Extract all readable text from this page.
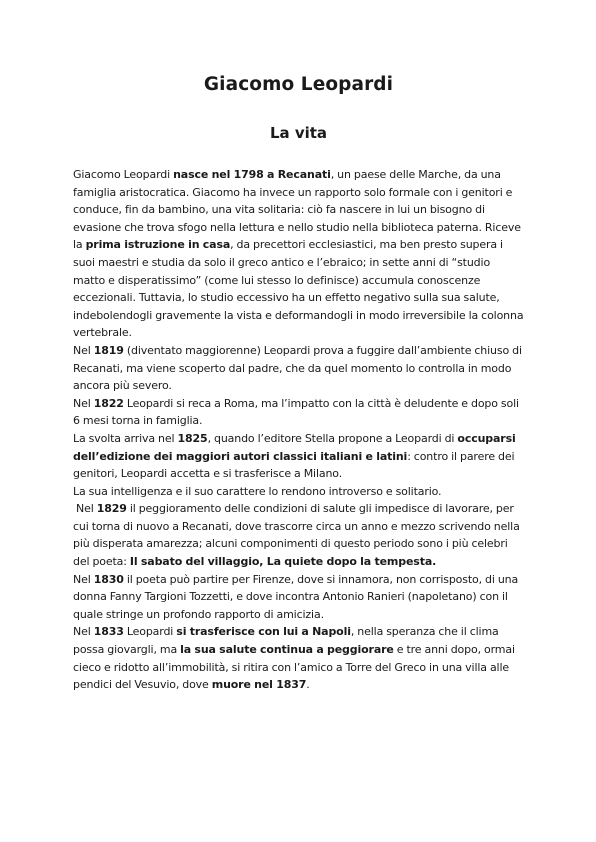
Giacomo Leopardi
La vita

Giacomo Leopardi nasce nel 1798 a Recanati, un paese delle Marche, da una famiglia aristocratica. Giacomo ha invece un rapporto solo formale con i genitori e conduce, fin da bambino, una vita solitaria: ciò fa nascere in lui un bisogno di evasione che trova sfogo nella lettura e nello studio nella biblioteca paterna. Riceve la prima istruzione in casa, da precettori ecclesiastici, ma ben presto supera i suoi maestri e studia da solo il greco antico e l’ebraico; in sette anni di “studio matto e disperatissimo” (come lui stesso lo definisce) accumula conoscenze eccezionali. Tuttavia, lo studio eccessivo ha un effetto negativo sulla sua salute, indebolendogli gravemente la vista e deformandogli in modo irreversibile la colonna vertebrale.

Nel 1819 (diventato maggiorenne) Leopardi prova a fuggire dall’ambiente chiuso di Recanati, ma viene scoperto dal padre, che da quel momento lo controlla in modo ancora più severo.

Nel 1822 Leopardi si reca a Roma, ma l’impatto con la città è deludente e dopo soli 6 mesi torna in famiglia.

La svolta arriva nel 1825, quando l’editore Stella propone a Leopardi di occuparsi dell’edizione dei maggiori autori classici italiani e latini: contro il parere dei genitori, Leopardi accetta e si trasferisce a Milano.

La sua intelligenza e il suo carattere lo rendono introverso e solitario.

Nel 1829 il peggioramento delle condizioni di salute gli impedisce di lavorare, per cui torna di nuovo a Recanati, dove trascorre circa un anno e mezzo scrivendo nella più disperata amarezza; alcuni componimenti di questo periodo sono i più celebri del poeta: Il sabato del villaggio, La quiete dopo la tempesta.

Nel 1830 il poeta può partire per Firenze, dove si innamora, non corrisposto, di una donna Fanny Targioni Tozzetti, e dove incontra Antonio Ranieri (napoletano) con il quale stringe un profondo rapporto di amicizia.

Nel 1833 Leopardi si trasferisce con lui a Napoli, nella speranza che il clima possa giovargli, ma la sua salute continua a peggiorare e tre anni dopo, ormai cieco e ridotto all’immobilità, si ritira con l’amico a Torre del Greco in una villa alle pendici del Vesuvio, dove muore nel 1837.
